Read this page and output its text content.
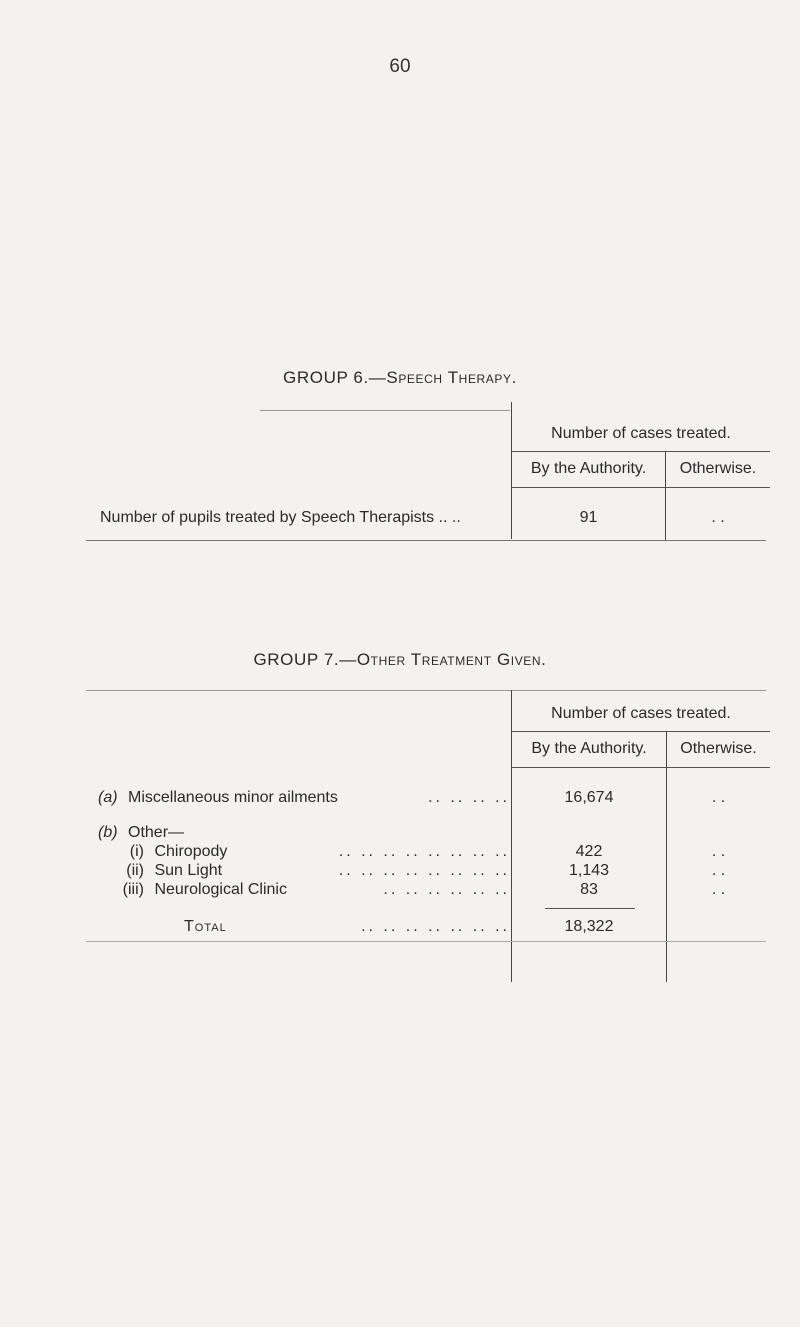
60
GROUP 6.—Speech Therapy.
Number of cases treated.
By the Authority.	Otherwise.
Number of pupils treated by Speech Therapists .. ..	91	. .
GROUP 7.—Other Treatment Given.
Number of cases treated.
By the Authority.	Otherwise.
(a) Miscellaneous minor ailments	.. .. .. ..	16,674	. .
(b) Other—
(i) Chiropody	.. .. .. .. .. .. .. ..	422	. .
(ii) Sun Light	.. .. .. .. .. .. .. ..	1,143	. .
(iii) Neurological Clinic	.. .. .. .. .. ..	83	. .
Total	.. .. .. .. .. .. ..	18,322
